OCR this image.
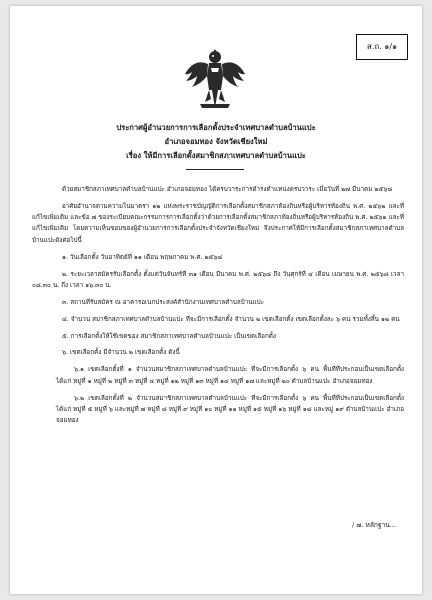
ส.ถ. ๑/๑
ประกาศผู้อำนวยการการเลือกตั้งประจำเทศบาลตำบลบ้านแปะ
อำเภอจอมทอง จังหวัดเชียงใหม่
เรื่อง ให้มีการเลือกตั้งสมาชิกสภาเทศบาลตำบลบ้านแปะ

ด้วยสมาชิกสภาเทศบาลตำบลบ้านแปะ อำเภอจอมทอง ได้ครบวาระการดำรงตำแหน่งครบวาระ เมื่อวันที่ ๒๗ มีนาคม ๒๕๖๘

อาศัยอำนาจตามความในมาตรา ๑๒ แห่งพระราชบัญญัติการเลือกตั้งสมาชิกสภาท้องถิ่นหรือผู้บริหารท้องถิ่น พ.ศ. ๒๕๖๒ และที่แก้ไขเพิ่มเติม และข้อ ๗ ของระเบียบคณะกรรมการการเลือกตั้งว่าด้วยการเลือกตั้งสมาชิกสภาท้องถิ่นหรือผู้บริหารท้องถิ่น พ.ศ. ๒๕๖๒ และที่แก้ไขเพิ่มเติม โดยความเห็นชอบของผู้อำนวยการการเลือกตั้งประจำจังหวัดเชียงใหม่ จึงประกาศให้มีการเลือกตั้งสมาชิกสภาเทศบาลตำบลบ้านแปะดังต่อไปนี้

๑. วันเลือกตั้ง วันอาทิตย์ที่ ๑๑ เดือน พฤษภาคม พ.ศ. ๒๕๖๘

๒. ระยะเวลาสมัครรับเลือกตั้ง ตั้งแต่วันจันทร์ที่ ๓๑ เดือน มีนาคม พ.ศ. ๒๕๖๘ ถึง วันศุกร์ที่ ๔ เดือน เมษายน พ.ศ. ๒๕๖๘ เวลา ๐๘.๓๐ น. ถึง เวลา ๑๖.๓๐ น.

๓. สถานที่รับสมัคร ณ อาคารอเนกประสงค์สำนักงานเทศบาลตำบลบ้านแปะ

๔. จำนวน สมาชิกสภาเทศบาลตำบลบ้านแปะ ที่จะมีการเลือกตั้ง จำนวน ๒ เขตเลือกตั้ง เขตเลือกตั้งละ ๖ คน รวมทั้งสิ้น ๑๒ คน

๕. การเลือกตั้งให้ใช้เขตของ สมาชิกสภาเทศบาลตำบลบ้านแปะ เป็นเขตเลือกตั้ง

๖. เขตเลือกตั้ง มีจำนวน ๒ เขตเลือกตั้ง ดังนี้

๖.๑ เขตเลือกตั้งที่ ๑ จำนวนสมาชิกสภาเทศบาลตำบลบ้านแปะ ที่จะมีการเลือกตั้ง ๖ คน พื้นที่ที่ประกอบเป็นเขตเลือกตั้ง ได้แก่ หมู่ที่ ๑ หมู่ที่ ๒ หมู่ที่ ๓ หมู่ที่ ๔ หมู่ที่ ๑๒ หมู่ที่ ๑๓ หมู่ที่ ๑๔ หมู่ที่ ๑๗ และหมู่ที่ ๒๐ ตำบลบ้านแปะ อำเภอจอมทอง

๖.๒ เขตเลือกตั้งที่ ๒ จำนวนสมาชิกสภาเทศบาลตำบลบ้านแปะ ที่จะมีการเลือกตั้ง ๖ คน พื้นที่ที่ประกอบเป็นเขตเลือกตั้ง ได้แก่ หมู่ที่ ๕ หมู่ที่ ๖ และหมู่ที่ ๗ หมู่ที่ ๘ หมู่ที่ ๙ หมู่ที่ ๑๐ หมู่ที่ ๑๑ หมู่ที่ ๑๕ หมู่ที่ ๑๖ หมู่ที่ ๑๘ และหมู่ ๑๙ ตำบลบ้านแปะ อำเภอจอมทอง

/ ๗. หลักฐาน...
